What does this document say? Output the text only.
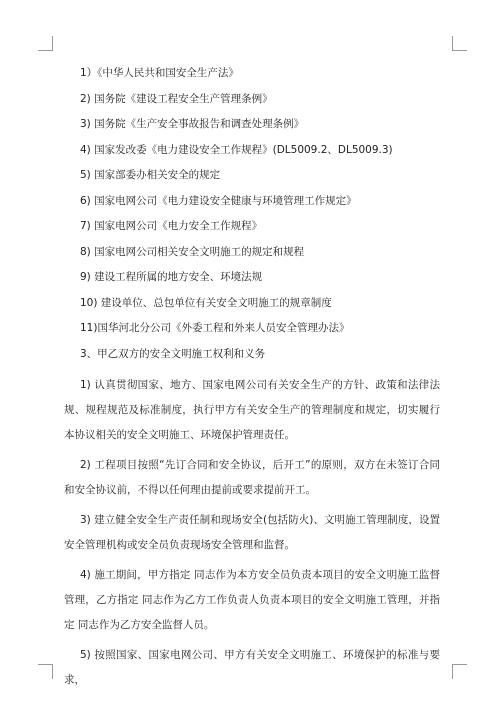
1）《中华人民共和国安全生产法》
2) 国务院《建设工程安全生产管理条例》
3) 国务院《生产安全事故报告和调查处理条例》
4) 国家发改委《电力建设安全工作规程》(DL5009.2、DL5009.3)
5) 国家部委办相关安全的规定
6) 国家电网公司《电力建设安全健康与环境管理工作规定》
7) 国家电网公司《电力安全工作规程》
8) 国家电网公司相关安全文明施工的规定和规程
9) 建设工程所属的地方安全、环境法规
10) 建设单位、总包单位有关安全文明施工的规章制度
11)国华河北分公司《外委工程和外来人员安全管理办法》
3、甲乙双方的安全文明施工权利和义务

1) 认真贯彻国家、地方、国家电网公司有关安全生产的方针、政策和法律法规、规程规范及标准制度，执行甲方有关安全生产的管理制度和规定，切实履行本协议相关的安全文明施工、环境保护管理责任。

2) 工程项目按照“先订合同和安全协议，后开工”的原则，双方在未签订合同和安全协议前，不得以任何理由提前或要求提前开工。

3) 建立健全安全生产责任制和现场安全(包括防火)、文明施工管理制度，设置安全管理机构或安全员负责现场安全管理和监督。

4) 施工期间，甲方指定 同志作为本方安全员负责本项目的安全文明施工监督管理，乙方指定 同志作为乙方工作负责人负责本项目的安全文明施工管理，并指定 同志作为乙方安全监督人员。

5) 按照国家、国家电网公司、甲方有关安全文明施工、环境保护的标准与要求，
